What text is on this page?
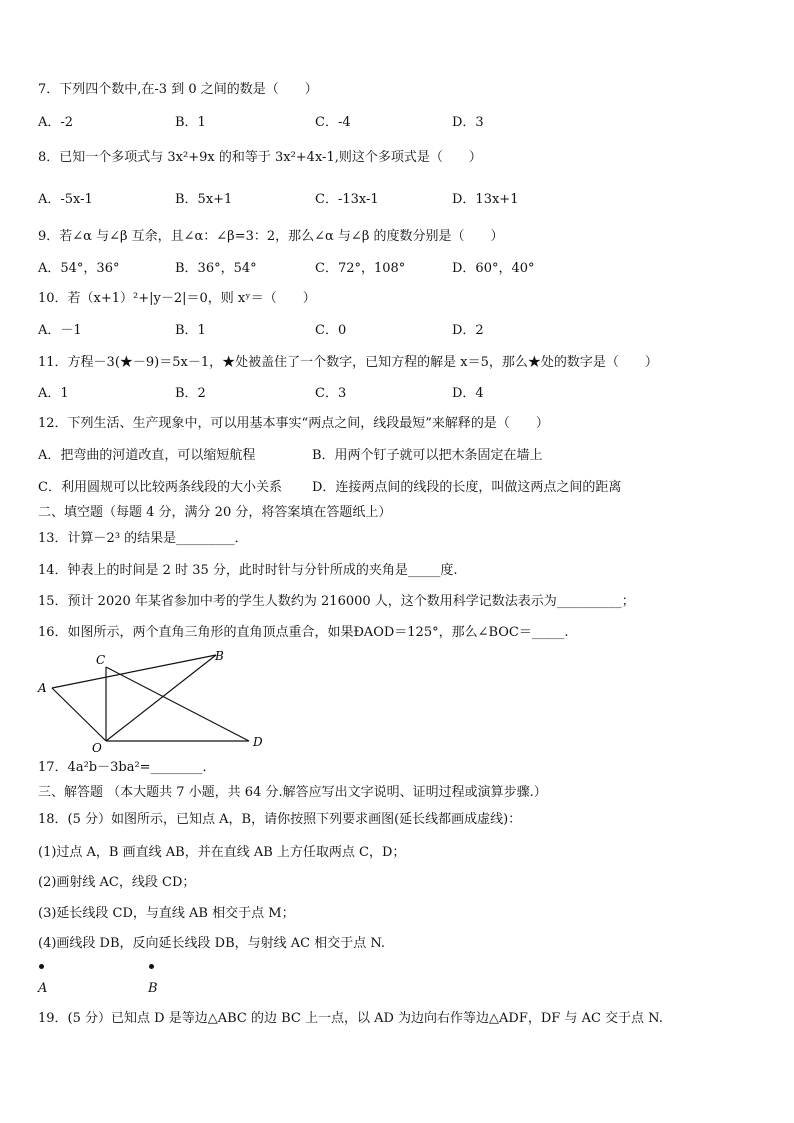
7．下列四个数中,在-3 到 0 之间的数是（　　）
A．-2	B．1	C．-4	D．3
8．已知一个多项式与 3x²+9x 的和等于 3x²+4x-1,则这个多项式是（　　）
A．-5x-1	B．5x+1	C．-13x-1	D．13x+1
9．若∠α 与∠β 互余，且∠α：∠β=3：2，那么∠α 与∠β 的度数分别是（　　）
A．54°，36°	B．36°，54°	C．72°，108°	D．60°，40°
10．若（x+1）²+|y－2|＝0，则 xʸ＝（　　）
A．－1	B．1	C．0	D．2
11．方程－3(★－9)＝5x－1，★处被盖住了一个数字，已知方程的解是 x＝5，那么★处的数字是（　　）
A．1	B．2	C．3	D．4
12．下列生活、生产现象中，可以用基本事实“两点之间，线段最短”来解释的是（　　）
A．把弯曲的河道改直，可以缩短航程	B．用两个钉子就可以把木条固定在墙上
C．利用圆规可以比较两条线段的大小关系 D．连接两点间的线段的长度，叫做这两点之间的距离
二、填空题（每题 4 分，满分 20 分，将答案填在答题纸上）
13．计算－2³ 的结果是_________．
14．钟表上的时间是 2 时 35 分，此时时针与分针所成的夹角是_____度.
15．预计 2020 年某省参加中考的学生人数约为 216000 人，这个数用科学记数法表示为__________；
16．如图所示，两个直角三角形的直角顶点重合，如果ÐAOD＝125°，那么∠BOC＝_____.
A
C	B
O	D
17．4a²b－3ba²=________．
三、解答题 （本大题共 7 小题，共 64 分.解答应写出文字说明、证明过程或演算步骤.）
18．(5 分）如图所示，已知点 A，B，请你按照下列要求画图(延长线都画成虚线)：
(1)过点 A，B 画直线 AB，并在直线 AB 上方任取两点 C，D；
(2)画射线 AC，线段 CD；
(3)延长线段 CD，与直线 AB 相交于点 M；
(4)画线段 DB，反向延长线段 DB，与射线 AC 相交于点 N.
A	B
19．(5 分）已知点 D 是等边△ABC 的边 BC 上一点，以 AD 为边向右作等边△ADF，DF 与 AC 交于点 N.
